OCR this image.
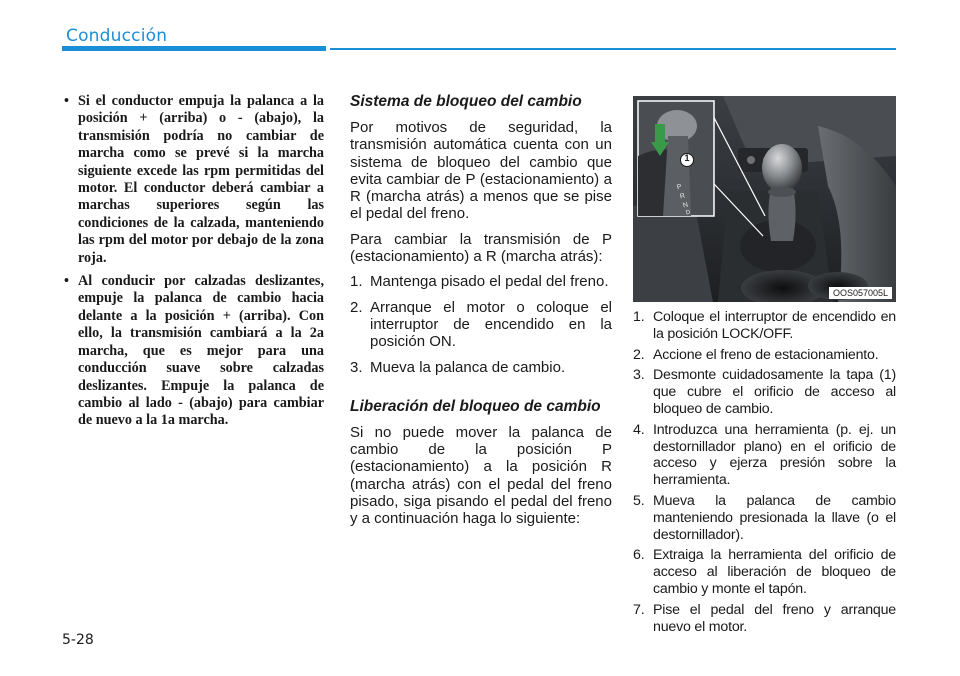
Conducción
• Si el conductor empuja la palanca a la posición + (arriba) o - (abajo), la transmisión podría no cambiar de marcha como se prevé si la marcha siguiente excede las rpm permitidas del motor. El conductor deberá cambiar a marchas superiores según las condiciones de la calzada, manteniendo las rpm del motor por debajo de la zona roja.
• Al conducir por calzadas deslizantes, empuje la palanca de cambio hacia delante a la posición + (arriba). Con ello, la transmisión cambiará a la 2a marcha, que es mejor para una conducción suave sobre calzadas deslizantes. Empuje la palanca de cambio al lado - (abajo) para cambiar de nuevo a la 1a marcha.
Sistema de bloqueo del cambio

Por motivos de seguridad, la transmisión automática cuenta con un sistema de bloqueo del cambio que evita cambiar de P (estacionamiento) a R (marcha atrás) a menos que se pise el pedal del freno.

Para cambiar la transmisión de P (estacionamiento) a R (marcha atrás):

1. Mantenga pisado el pedal del freno.
2. Arranque el motor o coloque el interruptor de encendido en la posición ON.
3. Mueva la palanca de cambio.
Liberación del bloqueo de cambio

Si no puede mover la palanca de cambio de la posición P (estacionamiento) a la posición R (marcha atrás) con el pedal del freno pisado, siga pisando el pedal del freno y a continuación haga lo siguiente:

1
P
R
N
D
OOS057005L
1. Coloque el interruptor de encendido en la posición LOCK/OFF.
2. Accione el freno de estacionamiento.
3. Desmonte cuidadosamente la tapa (1) que cubre el orificio de acceso al bloqueo de cambio.
4. Introduzca una herramienta (p. ej. un destornillador plano) en el orificio de acceso y ejerza presión sobre la herramienta.
5. Mueva la palanca de cambio manteniendo presionada la llave (o el destornillador).
6. Extraiga la herramienta del orificio de acceso al liberación de bloqueo de cambio y monte el tapón.
7. Pise el pedal del freno y arranque nuevo el motor.
5-28
